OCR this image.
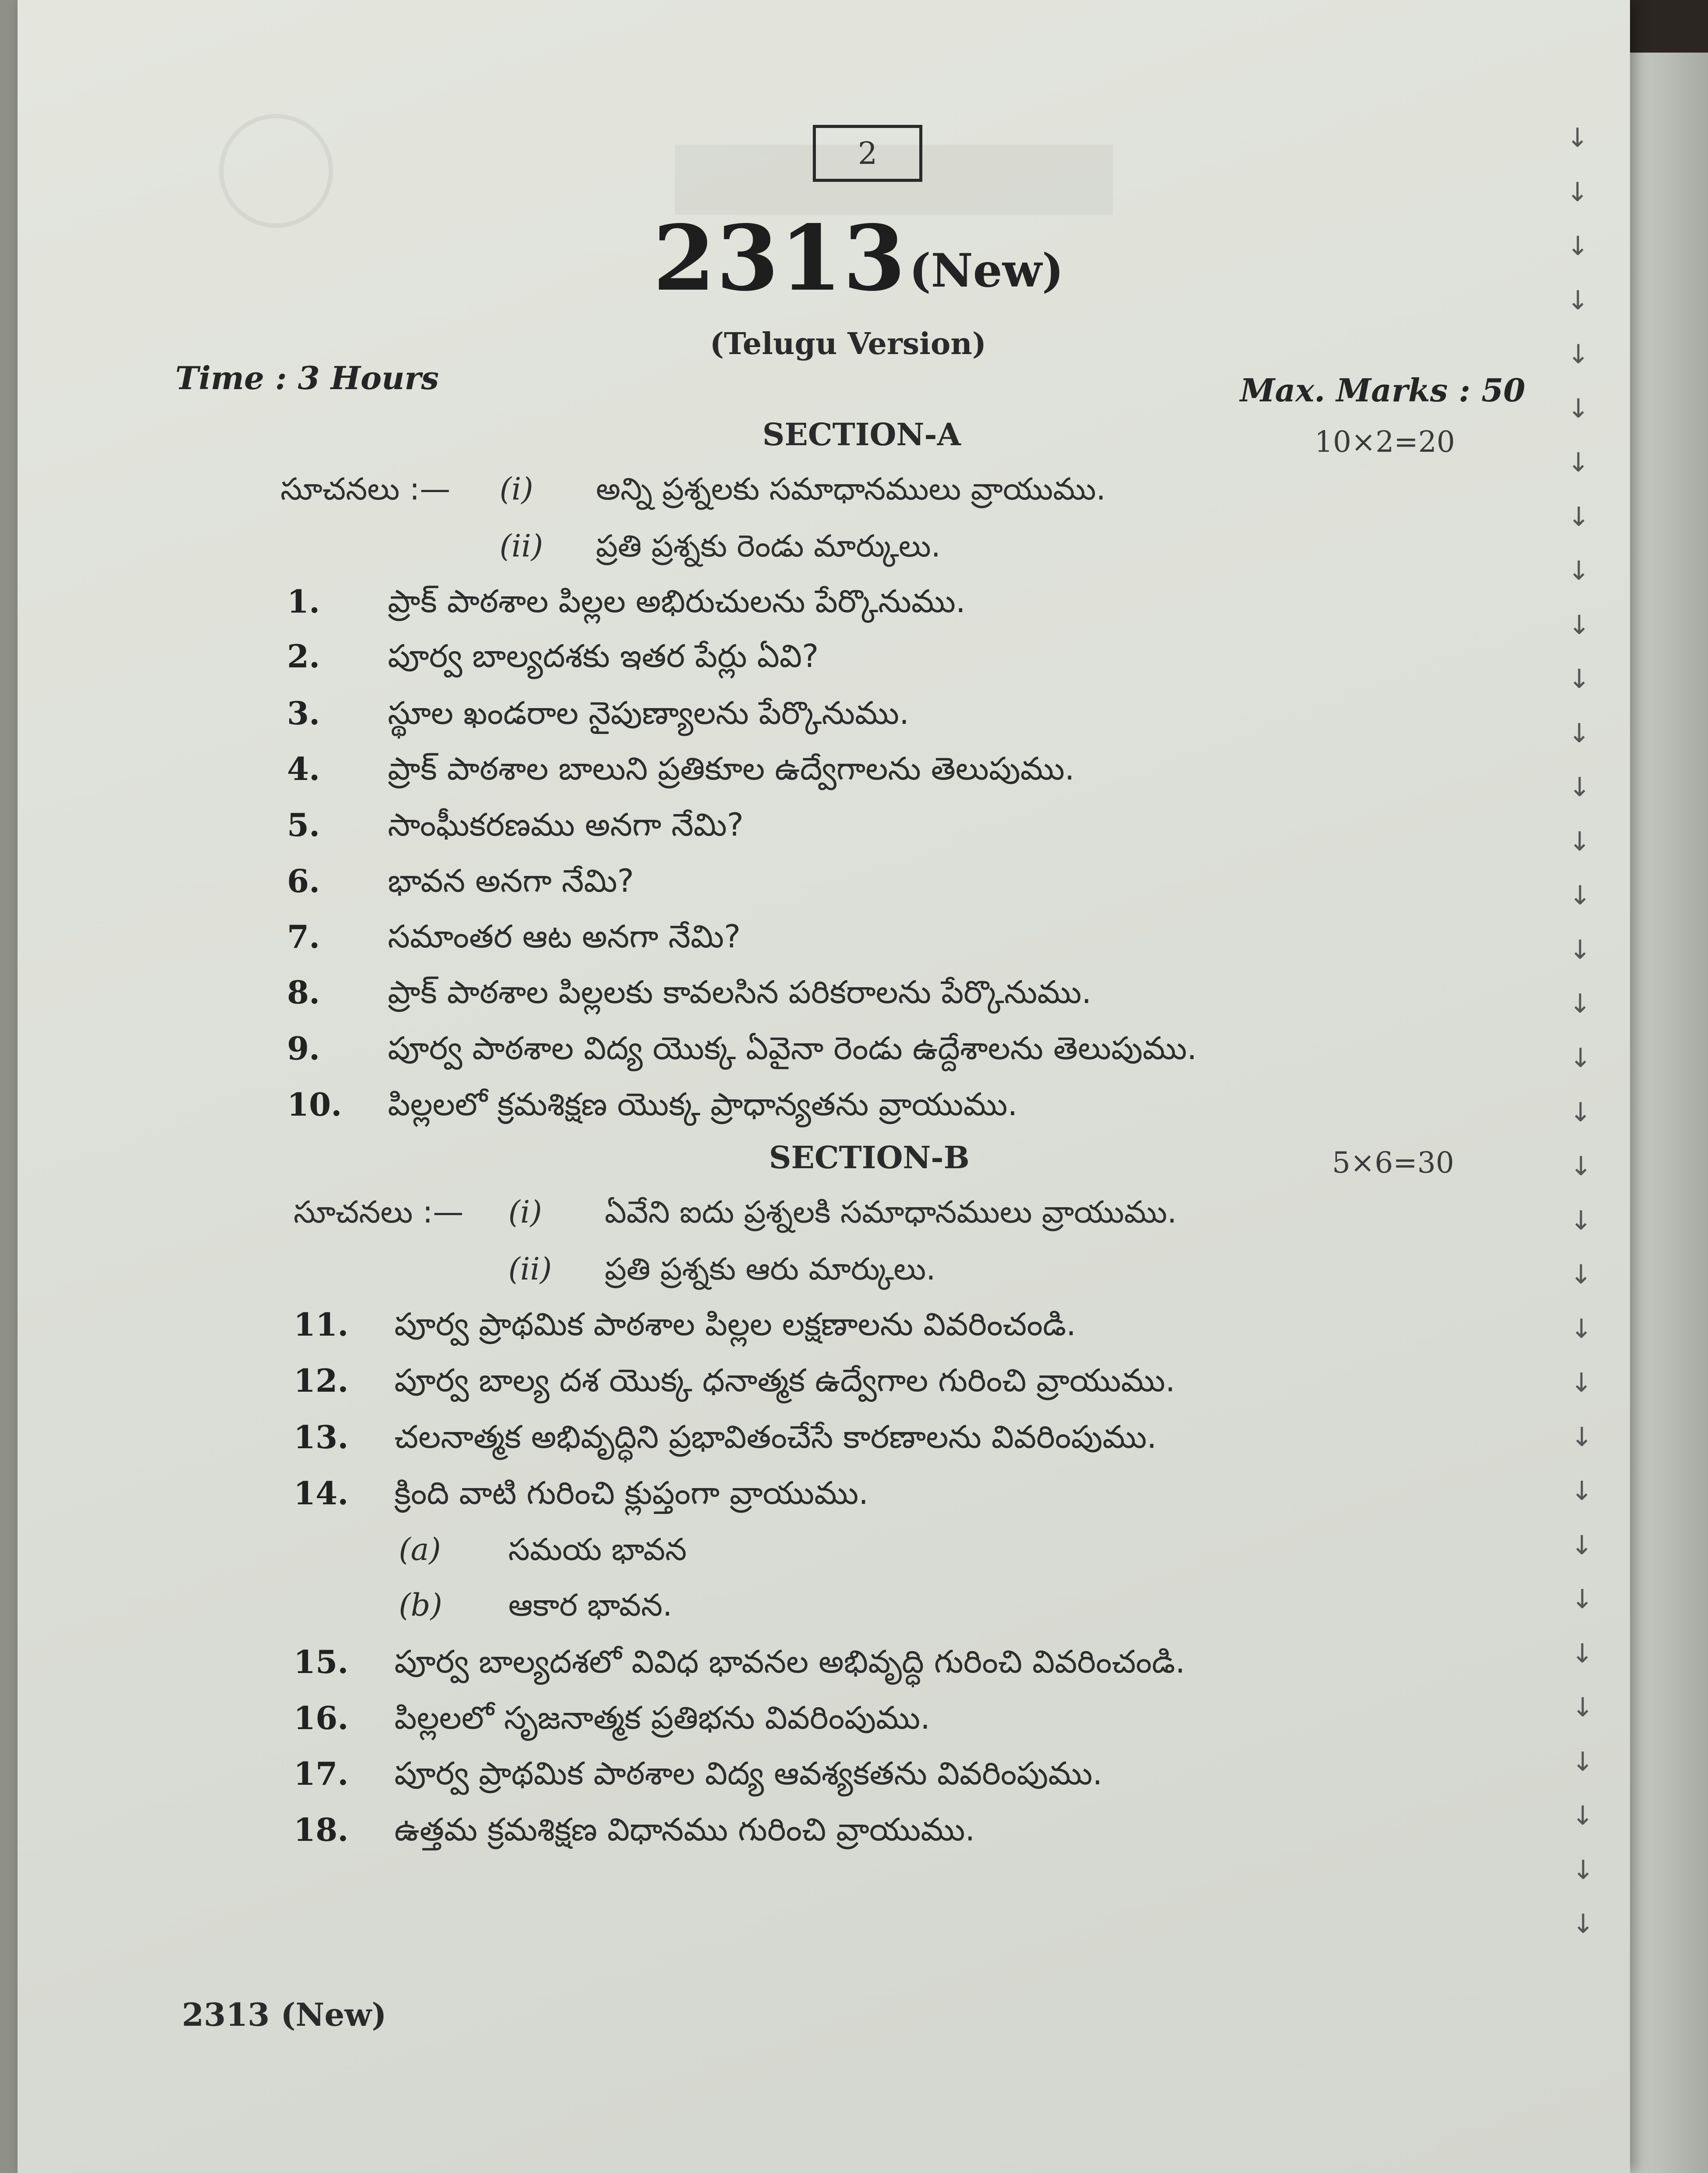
2
2313 (New)
(Telugu Version)
Time : 3 Hours	Max. Marks : 50
SECTION-A	10×2=20
సూచనలు :— (i) అన్ని ప్రశ్నలకు సమాధానములు వ్రాయుము.
(ii) ప్రతి ప్రశ్నకు రెండు మార్కులు.
1. ప్రాక్ పాఠశాల పిల్లల అభిరుచులను పేర్కొనుము.
2. పూర్వ బాల్యదశకు ఇతర పేర్లు ఏవి?
3. స్థూల ఖండరాల నైపుణ్యాలను పేర్కొనుము.
4. ప్రాక్ పాఠశాల బాలుని ప్రతికూల ఉద్వేగాలను తెలుపుము.
5. సాంఘీకరణము అనగా నేమి?
6. భావన అనగా నేమి?
7. సమాంతర ఆట అనగా నేమి?
8. ప్రాక్ పాఠశాల పిల్లలకు కావలసిన పరికరాలను పేర్కొనుము.
9. పూర్వ పాఠశాల విద్య యొక్క ఏవైనా రెండు ఉద్దేశాలను తెలుపుము.
10. పిల్లలలో క్రమశిక్షణ యొక్క ప్రాధాన్యతను వ్రాయుము.
SECTION-B	5×6=30
సూచనలు :— (i) ఏవేని ఐదు ప్రశ్నలకి సమాధానములు వ్రాయుము.
(ii) ప్రతి ప్రశ్నకు ఆరు మార్కులు.
11. పూర్వ ప్రాథమిక పాఠశాల పిల్లల లక్షణాలను వివరించండి.
12. పూర్వ బాల్య దశ యొక్క ధనాత్మక ఉద్వేగాల గురించి వ్రాయుము.
13. చలనాత్మక అభివృద్ధిని ప్రభావితంచేసే కారణాలను వివరింపుము.
14. క్రింది వాటి గురించి క్లుప్తంగా వ్రాయుము.
(a) సమయ భావన
(b) ఆకార భావన.
15. పూర్వ బాల్యదశలో వివిధ భావనల అభివృద్ధి గురించి వివరించండి.
16. పిల్లలలో సృజనాత్మక ప్రతిభను వివరింపుము.
17. పూర్వ ప్రాథమిక పాఠశాల విద్య ఆవశ్యకతను వివరింపుము.
18. ఉత్తమ క్రమశిక్షణ విధానము గురించి వ్రాయుము.
2313 (New)
↓
↓
↓
↓
↓
↓
↓
↓
↓
↓
↓
↓
↓
↓
↓
↓
↓
↓
↓
↓
↓
↓
↓
↓
↓
↓
↓
↓
↓
↓
↓
↓
↓
↓
